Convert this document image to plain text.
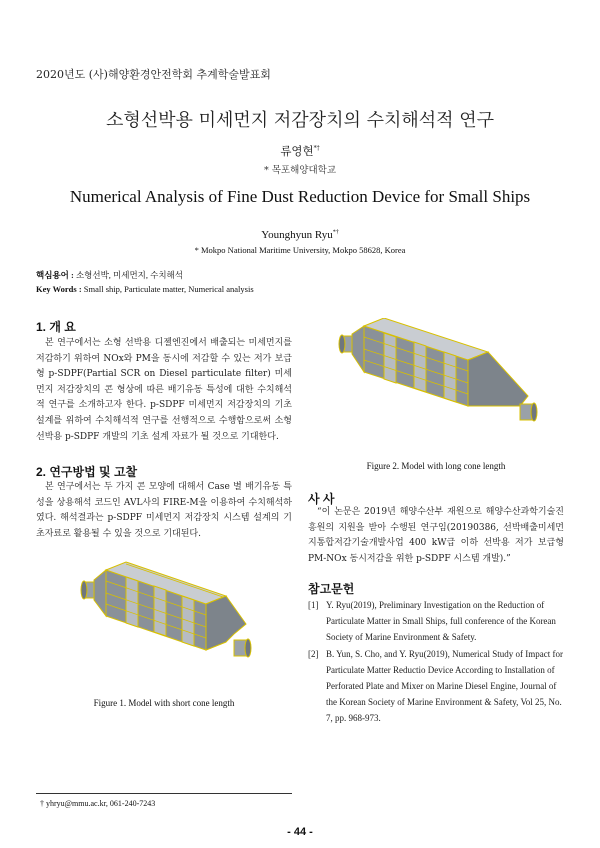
2020년도 (사)해양환경안전학회 추계학술발표회
소형선박용 미세먼지 저감장치의 수치해석적 연구
류영현*†
* 목포해양대학교
Numerical Analysis of Fine Dust Reduction Device for Small Ships
Younghyun Ryu*†
* Mokpo National Maritime University, Mokpo 58628, Korea
핵심용어 : 소형선박, 미세먼지, 수치해석
Key Words : Small ship, Particulate matter, Numerical analysis
1. 개 요
본 연구에서는 소형 선박용 디젤엔진에서 배출되는 미세먼지를 저감하기 위하여 NOx와 PM을 동시에 저감할 수 있는 저가 보급형 p-SDPF(Partial SCR on Diesel particulate filter) 미세먼지 저감장치의 콘 형상에 따른 배기유동 특성에 대한 수치해석적 연구를 소개하고자 한다. p-SDPF 미세먼지 저감장치의 기초 설계를 위하여 수치해석적 연구를 선행적으로 수행함으로써 소형 선박용 p-SDPF 개발의 기초 설계 자료가 될 것으로 기대한다.
2. 연구방법 및 고찰
본 연구에서는 두 가지 콘 모양에 대해서 Case 별 배기유동 특성을 상용해석 코드인 AVL사의 FIRE-M을 이용하여 수치해석하였다. 해석결과는 p-SDPF 미세먼지 저감장치 시스템 설계의 기초자료로 활용될 수 있을 것으로 기대된다.
Figure 1. Model with short cone length
Figure 2. Model with long cone length
사 사
“이 논문은 2019년 해양수산부 재원으로 해양수산과학기술진흥원의 지원을 받아 수행된 연구임(20190386, 선박배출미세먼지통합저감기술개발사업 400 kW급 이하 선박용 저가 보급형 PM-NOx 동시저감을 위한 p-SDPF 시스템 개발).”
참고문헌
[1] Y. Ryu(2019), Preliminary Investigation on the Reduction of Particulate Matter in Small Ships, full conference of the Korean Society of Marine Environment & Safety.
[2] B. Yun, S. Cho, and Y. Ryu(2019), Numerical Study of Impact for Particulate Matter Reductio Device According to Installation of Perforated Plate and Mixer on Marine Diesel Engine, Journal of the Korean Society of Marine Environment & Safety, Vol 25, No. 7, pp. 968-973.
† yhryu@mmu.ac.kr, 061-240-7243
- 44 -
